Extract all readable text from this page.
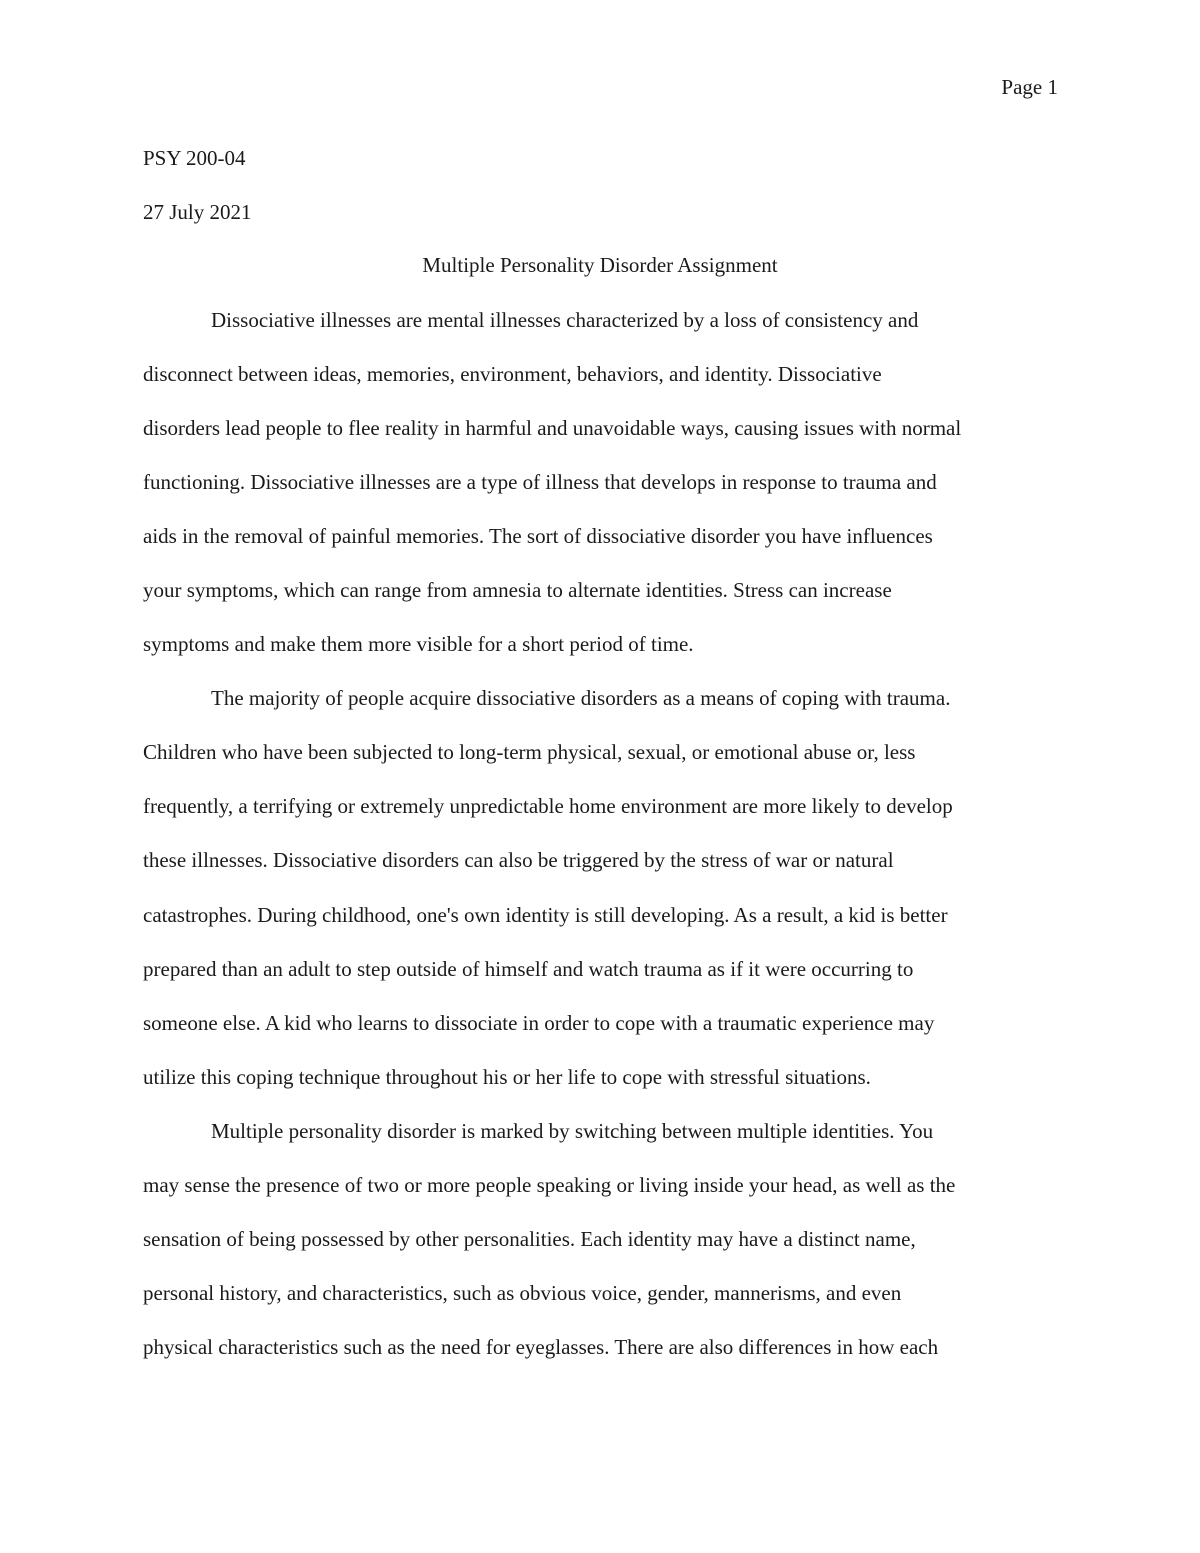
Page 1
PSY 200-04
27 July 2021
Multiple Personality Disorder Assignment
Dissociative illnesses are mental illnesses characterized by a loss of consistency and
disconnect between ideas, memories, environment, behaviors, and identity. Dissociative
disorders lead people to flee reality in harmful and unavoidable ways, causing issues with normal
functioning. Dissociative illnesses are a type of illness that develops in response to trauma and
aids in the removal of painful memories. The sort of dissociative disorder you have influences
your symptoms, which can range from amnesia to alternate identities. Stress can increase
symptoms and make them more visible for a short period of time.
The majority of people acquire dissociative disorders as a means of coping with trauma.
Children who have been subjected to long-term physical, sexual, or emotional abuse or, less
frequently, a terrifying or extremely unpredictable home environment are more likely to develop
these illnesses. Dissociative disorders can also be triggered by the stress of war or natural
catastrophes. During childhood, one's own identity is still developing. As a result, a kid is better
prepared than an adult to step outside of himself and watch trauma as if it were occurring to
someone else. A kid who learns to dissociate in order to cope with a traumatic experience may
utilize this coping technique throughout his or her life to cope with stressful situations.
Multiple personality disorder is marked by switching between multiple identities. You
may sense the presence of two or more people speaking or living inside your head, as well as the
sensation of being possessed by other personalities. Each identity may have a distinct name,
personal history, and characteristics, such as obvious voice, gender, mannerisms, and even
physical characteristics such as the need for eyeglasses. There are also differences in how each
